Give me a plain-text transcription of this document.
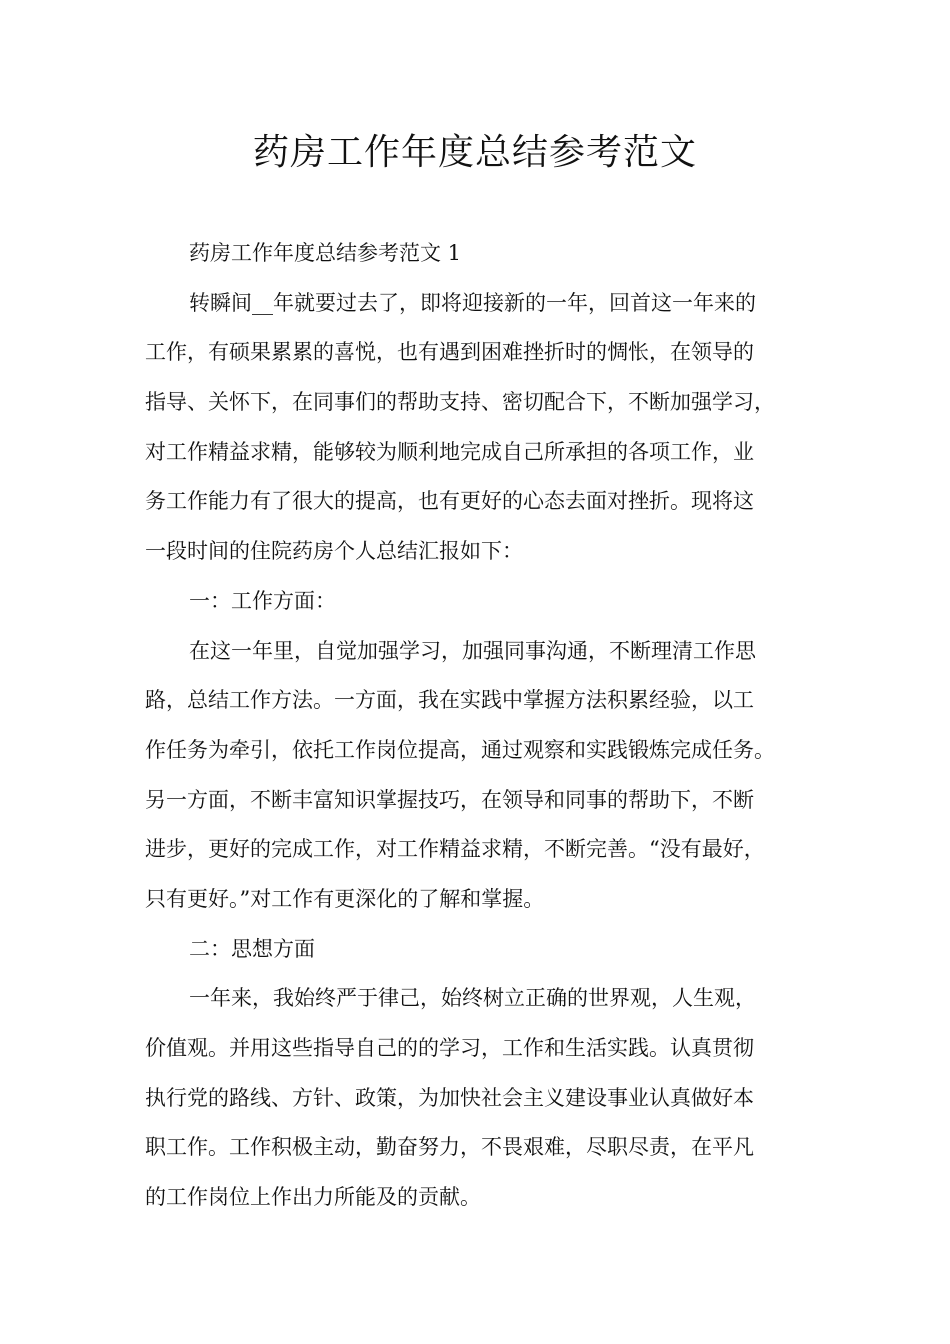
药房工作年度总结参考范文
药房工作年度总结参考范文 1
转瞬间__年就要过去了，即将迎接新的一年，回首这一年来的
工作，有硕果累累的喜悦，也有遇到困难挫折时的惆怅，在领导的
指导、关怀下，在同事们的帮助支持、密切配合下，不断加强学习，
对工作精益求精，能够较为顺利地完成自己所承担的各项工作，业
务工作能力有了很大的提高，也有更好的心态去面对挫折。现将这
一段时间的住院药房个人总结汇报如下：
一：工作方面：
在这一年里，自觉加强学习，加强同事沟通，不断理清工作思
路，总结工作方法。一方面，我在实践中掌握方法积累经验，以工
作任务为牵引，依托工作岗位提高，通过观察和实践锻炼完成任务。
另一方面，不断丰富知识掌握技巧，在领导和同事的帮助下，不断
进步，更好的完成工作，对工作精益求精，不断完善。“没有最好，
只有更好。”对工作有更深化的了解和掌握。
二：思想方面
一年来，我始终严于律己，始终树立正确的世界观，人生观，
价值观。并用这些指导自己的的学习，工作和生活实践。认真贯彻
执行党的路线、方针、政策，为加快社会主义建设事业认真做好本
职工作。工作积极主动，勤奋努力，不畏艰难，尽职尽责，在平凡
的工作岗位上作出力所能及的贡献。
